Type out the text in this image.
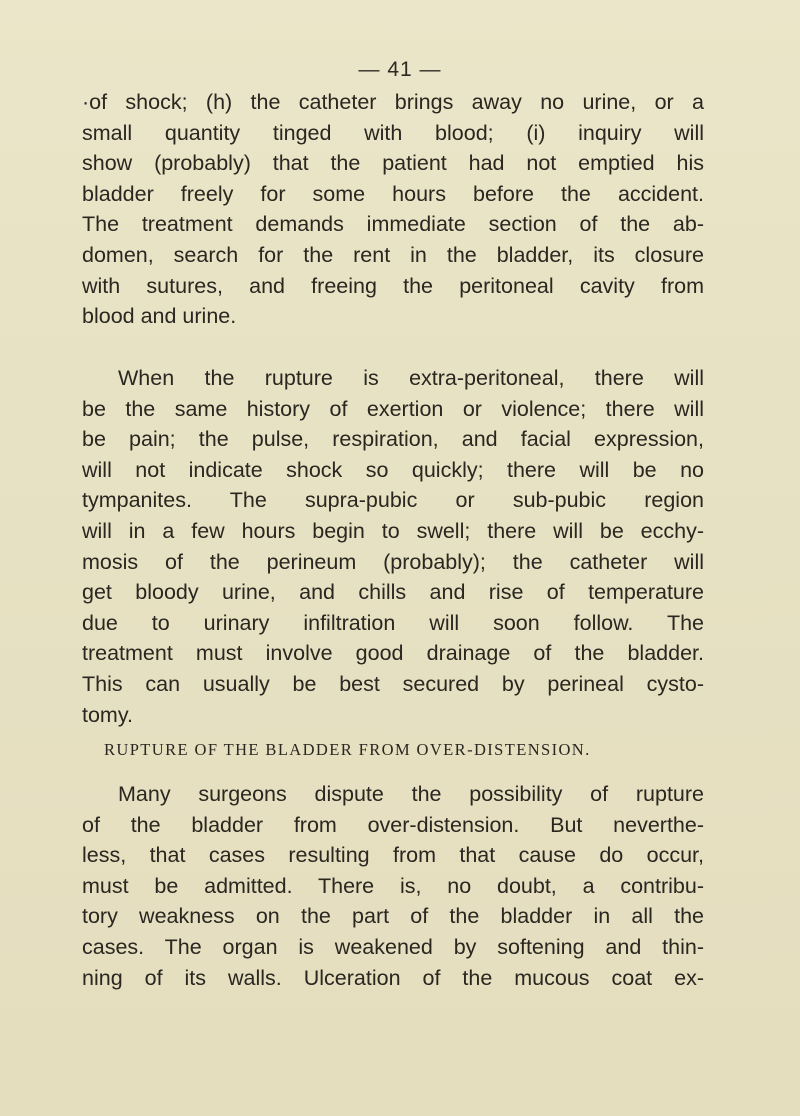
— 41 —
·of shock; (h) the catheter brings away no urine, or a
small quantity tinged with blood; (i) inquiry will
show (probably) that the patient had not emptied his
bladder freely for some hours before the accident.
The treatment demands immediate section of the ab-
domen, search for the rent in the bladder, its closure
with sutures, and freeing the peritoneal cavity from
blood and urine.
When the rupture is extra-peritoneal, there will
be the same history of exertion or violence; there will
be pain; the pulse, respiration, and facial expression,
will not indicate shock so quickly; there will be no
tympanites. The supra-pubic or sub-pubic region
will in a few hours begin to swell; there will be ecchy-
mosis of the perineum (probably); the catheter will
get bloody urine, and chills and rise of temperature
due to urinary infiltration will soon follow. The
treatment must involve good drainage of the bladder.
This can usually be best secured by perineal cysto-
tomy.
RUPTURE OF THE BLADDER FROM OVER-DISTENSION.
Many surgeons dispute the possibility of rupture
of the bladder from over-distension. But neverthe-
less, that cases resulting from that cause do occur,
must be admitted. There is, no doubt, a contribu-
tory weakness on the part of the bladder in all the
cases. The organ is weakened by softening and thin-
ning of its walls. Ulceration of the mucous coat ex-
